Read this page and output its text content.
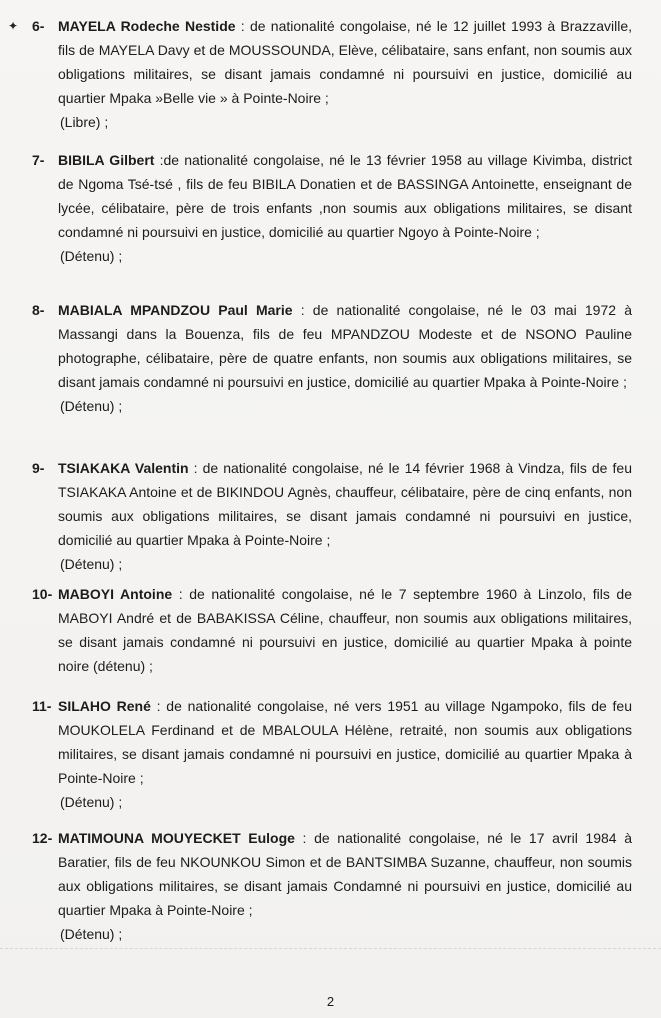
✦ 6- MAYELA Rodeche Nestide : de nationalité congolaise, né le 12 juillet 1993 à Brazzaville, fils de MAYELA Davy et de MOUSSOUNDA, Elève, célibataire, sans enfant, non soumis aux obligations militaires, se disant jamais condamné ni poursuivi en justice, domicilié au quartier Mpaka »Belle vie » à Pointe-Noire ;
(Libre) ;
7- BIBILA Gilbert :de nationalité congolaise, né le 13 février 1958 au village Kivimba, district de Ngoma Tsé-tsé , fils de feu BIBILA Donatien et de BASSINGA Antoinette, enseignant de lycée, célibataire, père de trois enfants ,non soumis aux obligations militaires, se disant condamné ni poursuivi en justice, domicilié au quartier Ngoyo à Pointe-Noire ;
(Détenu) ;
8- MABIALA MPANDZOU Paul Marie : de nationalité congolaise, né le 03 mai 1972 à Massangi dans la Bouenza, fils de feu MPANDZOU Modeste et de NSONO Pauline photographe, célibataire, père de quatre enfants, non soumis aux obligations militaires, se disant jamais condamné ni poursuivi en justice, domicilié au quartier Mpaka à Pointe-Noire ;
(Détenu) ;
9- TSIAKAKA Valentin : de nationalité congolaise, né le 14 février 1968 à Vindza, fils de feu TSIAKAKA Antoine et de BIKINDOU Agnès, chauffeur, célibataire, père de cinq enfants, non soumis aux obligations militaires, se disant jamais condamné ni poursuivi en justice, domicilié au quartier Mpaka à Pointe-Noire ;
(Détenu) ;
10- MABOYI Antoine : de nationalité congolaise, né le 7 septembre 1960 à Linzolo, fils de MABOYI André et de BABAKISSA Céline, chauffeur, non soumis aux obligations militaires, se disant jamais condamné ni poursuivi en justice, domicilié au quartier Mpaka à pointe noire (détenu) ;
11- SILAHO René : de nationalité congolaise, né vers 1951 au village Ngampoko, fils de feu MOUKOLELA Ferdinand et de MBALOULA Hélène, retraité, non soumis aux obligations militaires, se disant jamais condamné ni poursuivi en justice, domicilié au quartier Mpaka à Pointe-Noire ;
(Détenu) ;
12- MATIMOUNA MOUYECKET Euloge : de nationalité congolaise, né le 17 avril 1984 à Baratier, fils de feu NKOUNKOU Simon et de BANTSIMBA Suzanne, chauffeur, non soumis aux obligations militaires, se disant jamais Condamné ni poursuivi en justice, domicilié au quartier Mpaka à Pointe-Noire ;
(Détenu) ;
2
